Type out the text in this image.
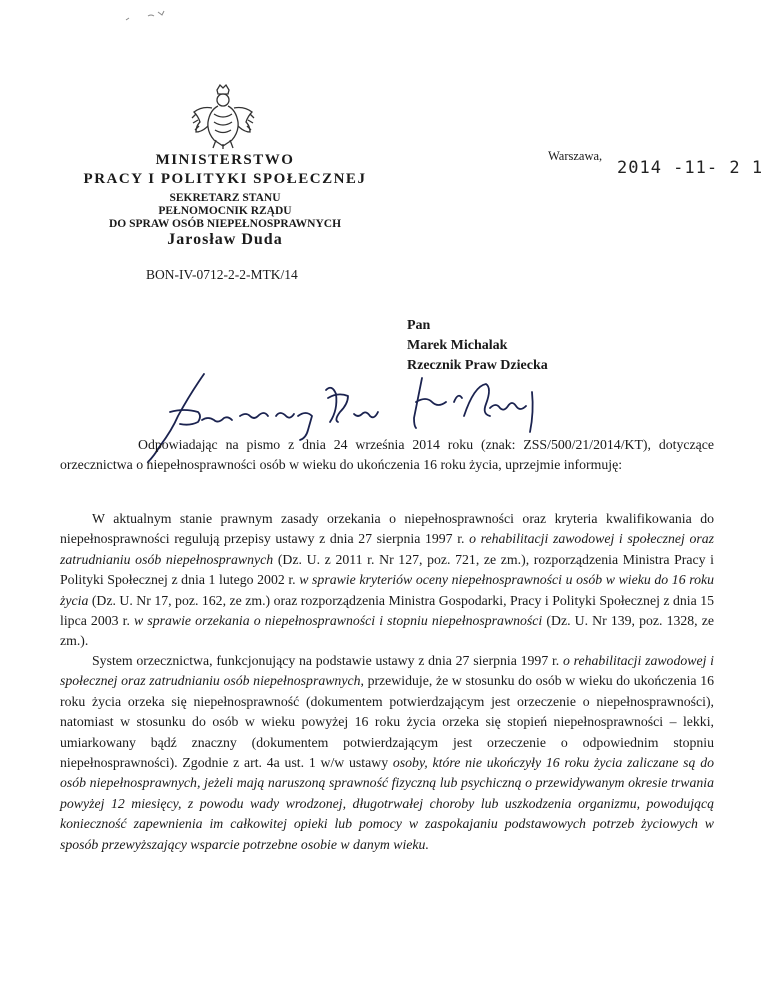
MINISTERSTWO
PRACY I POLITYKI SPOŁECZNEJ
SEKRETARZ STANU
PEŁNOMOCNIK RZĄDU
DO SPRAW OSÓB NIEPEŁNOSPRAWNYCH
Jarosław Duda
BON-IV-0712-2-2-MTK/14
Warszawa,
2014 -11- 2 1
Pan
Marek Michalak
Rzecznik Praw Dziecka
Odpowiadając na pismo z dnia 24 września 2014 roku (znak: ZSS/500/21/2014/KT), dotyczące orzecznictwa o niepełnosprawności osób w wieku do ukończenia 16 roku życia, uprzejmie informuję:
W aktualnym stanie prawnym zasady orzekania o niepełnosprawności oraz kryteria kwalifikowania do niepełnosprawności regulują przepisy ustawy z dnia 27 sierpnia 1997 r. o rehabilitacji zawodowej i społecznej oraz zatrudnianiu osób niepełnosprawnych (Dz. U. z 2011 r. Nr 127, poz. 721, ze zm.), rozporządzenia Ministra Pracy i Polityki Społecznej z dnia 1 lutego 2002 r. w sprawie kryteriów oceny niepełnosprawności u osób w wieku do 16 roku życia (Dz. U. Nr 17, poz. 162, ze zm.) oraz rozporządzenia Ministra Gospodarki, Pracy i Polityki Społecznej z dnia 15 lipca 2003 r. w sprawie orzekania o niepełnosprawności i stopniu niepełnosprawności (Dz. U. Nr 139, poz. 1328, ze zm.).
System orzecznictwa, funkcjonujący na podstawie ustawy z dnia 27 sierpnia 1997 r. o rehabilitacji zawodowej i społecznej oraz zatrudnianiu osób niepełnosprawnych, przewiduje, że w stosunku do osób w wieku do ukończenia 16 roku życia orzeka się niepełnosprawność (dokumentem potwierdzającym jest orzeczenie o niepełnosprawności), natomiast w stosunku do osób w wieku powyżej 16 roku życia orzeka się stopień niepełnosprawności – lekki, umiarkowany bądź znaczny (dokumentem potwierdzającym jest orzeczenie o odpowiednim stopniu niepełnosprawności). Zgodnie z art. 4a ust. 1 w/w ustawy osoby, które nie ukończyły 16 roku życia zaliczane są do osób niepełnosprawnych, jeżeli mają naruszoną sprawność fizyczną lub psychiczną o przewidywanym okresie trwania powyżej 12 miesięcy, z powodu wady wrodzonej, długotrwałej choroby lub uszkodzenia organizmu, powodującą konieczność zapewnienia im całkowitej opieki lub pomocy w zaspokajaniu podstawowych potrzeb życiowych w sposób przewyższający wsparcie potrzebne osobie w danym wieku.
